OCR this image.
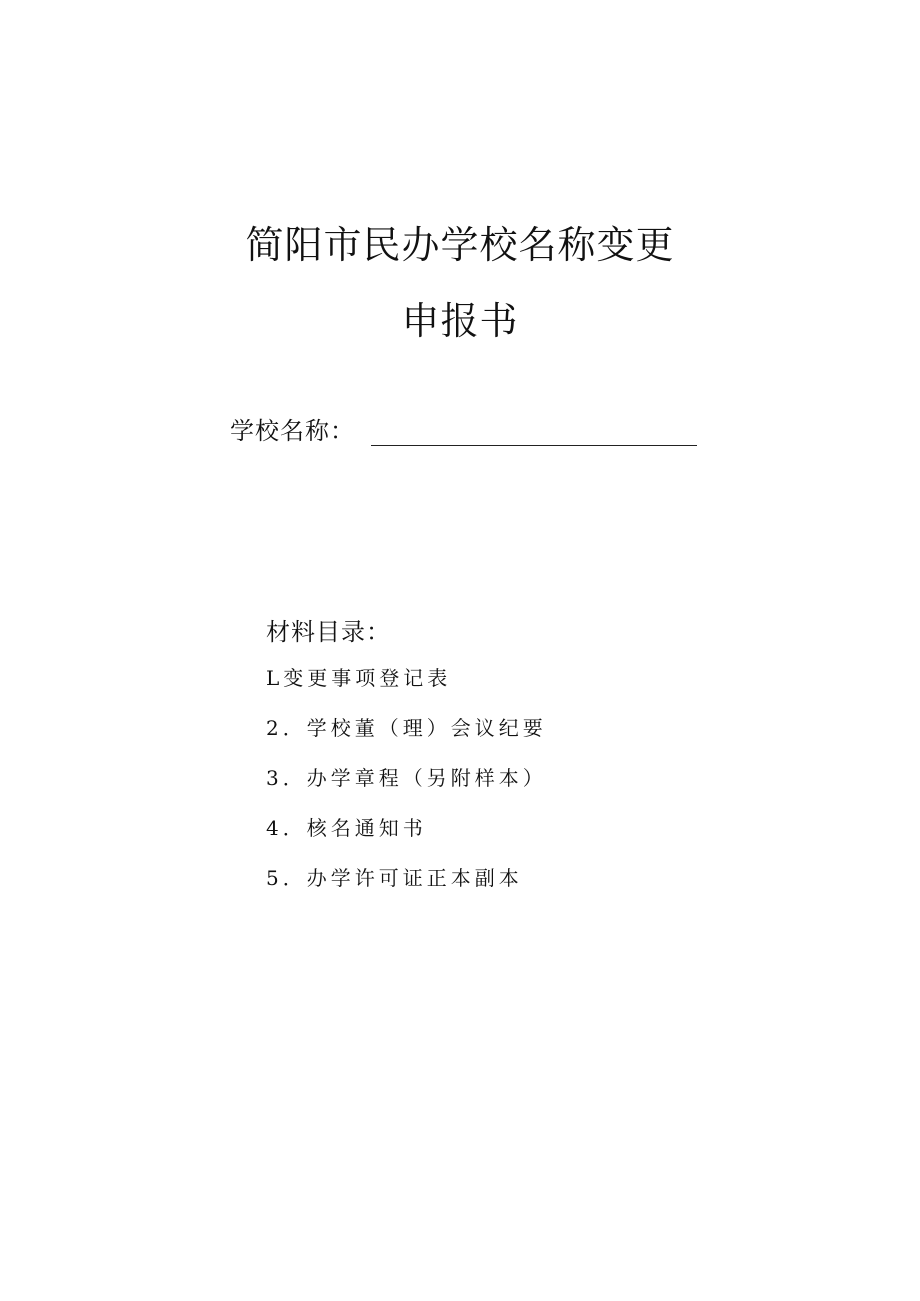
简阳市民办学校名称变更
申报书
学校名称：
材料目录：
L变更事项登记表
2．学校董（理）会议纪要
3．办学章程（另附样本）
4．核名通知书
5．办学许可证正本副本
